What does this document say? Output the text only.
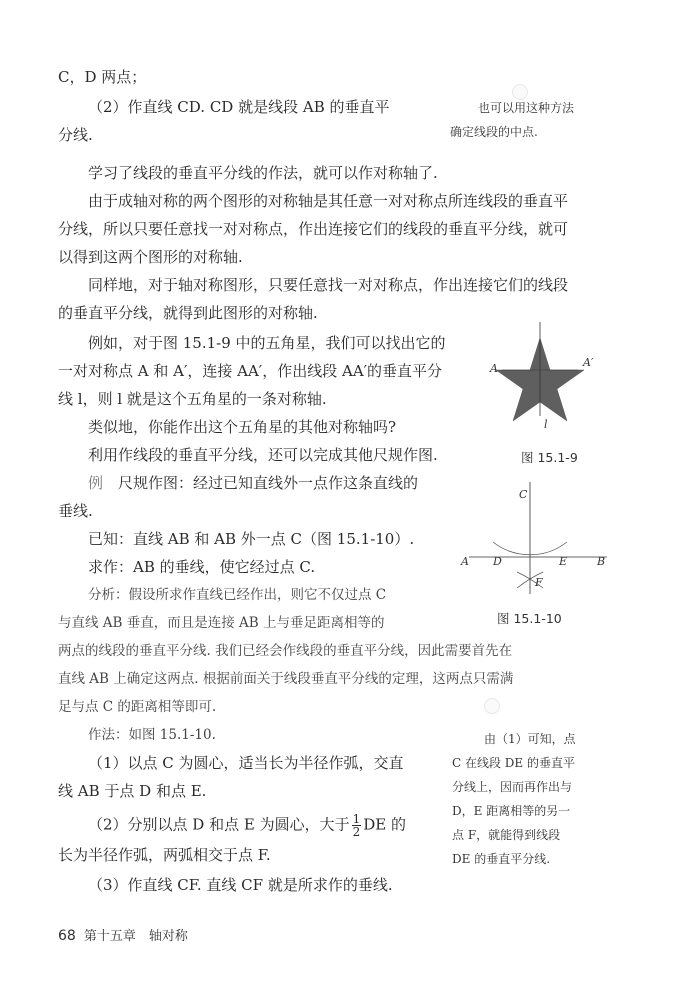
C，D 两点；
（2）作直线 CD. CD 就是线段 AB 的垂直平
分线.
学习了线段的垂直平分线的作法，就可以作对称轴了.
由于成轴对称的两个图形的对称轴是其任意一对对称点所连线段的垂直平
分线，所以只要任意找一对对称点，作出连接它们的线段的垂直平分线，就可
以得到这两个图形的对称轴.
同样地，对于轴对称图形，只要任意找一对对称点，作出连接它们的线段
的垂直平分线，就得到此图形的对称轴.
例如，对于图 15.1-9 中的五角星，我们可以找出它的
一对对称点 A 和 A′，连接 AA′，作出线段 AA′的垂直平分
线 l，则 l 就是这个五角星的一条对称轴.
类似地，你能作出这个五角星的其他对称轴吗?
利用作线段的垂直平分线，还可以完成其他尺规作图.
例　 尺规作图：经过已知直线外一点作这条直线的
垂线.
已知：直线 AB 和 AB 外一点 C（图 15.1-10）.
求作：AB 的垂线，使它经过点 C.
分析：假设所求作直线已经作出，则它不仅过点 C
与直线 AB 垂直，而且是连接 AB 上与垂足距离相等的
两点的线段的垂直平分线. 我们已经会作线段的垂直平分线，因此需要首先在
直线 AB 上确定这两点. 根据前面关于线段垂直平分线的定理，这两点只需满
足与点 C 的距离相等即可.
作法：如图 15.1-10.
（1）以点 C 为圆心，适当长为半径作弧，交直
线 AB 于点 D 和点 E.
（2）分别以点 D 和点 E 为圆心，大于 $\frac{1}{2}$ DE 的
长为半径作弧，两弧相交于点 F.
（3）作直线 CF. 直线 CF 就是所求作的垂线.
也可以用这种方法
确定线段的中点.
A	A′
l
图 15.1-9
C
A D	E	B
F
图 15.1-10
由（1）可知，点
C 在线段 DE 的垂直平
分线上，因而再作出与
D，E 距离相等的另一
点 F，就能得到线段
DE 的垂直平分线.
68 第十五章　轴对称
